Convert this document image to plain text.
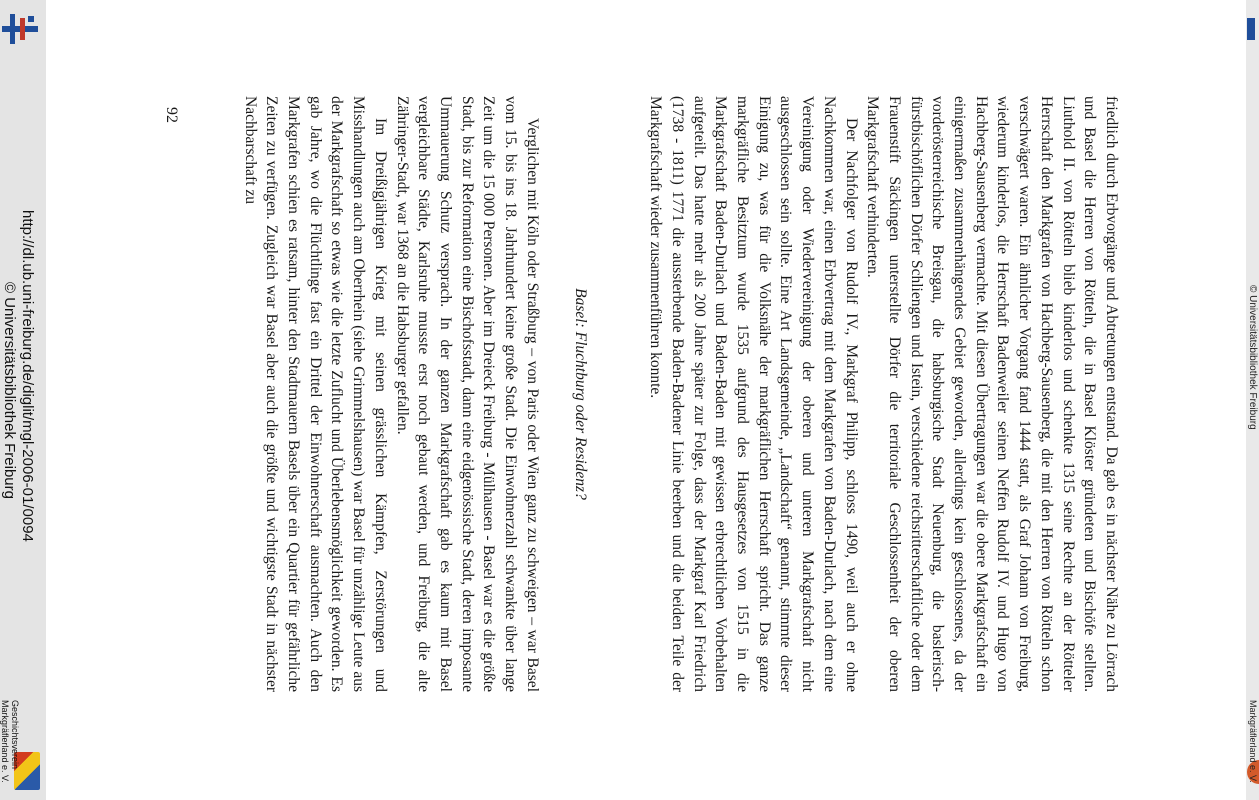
http://dl.ub.uni-freiburg.de/diglit/mgl-2006-01/0094
© Universitätsbibliothek Freiburg
Geschichtsverein
Markgräflerland e. V.
© Universitätsbibliothek Freiburg
Markgräflerland e. V.

friedlich durch Erbvorgänge und Abtretungen entstand. Da gab es in nächster Nähe zu Lörrach und Basel die Herren von Rötteln, die in Basel Klöster gründeten und Bischöfe stellten. Liuthold II. von Rötteln blieb kinderlos und schenkte 1315 seine Rechte an der Rötteler Herrschaft den Markgrafen von Hachberg-Sausenberg, die mit den Herren von Rötteln schon verschwägert waren. Ein ähnlicher Vorgang fand 1444 statt, als Graf Johann von Freiburg, wiederum kinderlos, die Herrschaft Badenweiler seinen Neffen Rudolf IV. und Hugo von Hachberg-Sausenberg vermachte. Mit diesen Übertragungen war die obere Markgrafschaft ein einigermaßen zusammenhängendes Gebiet geworden, allerdings kein geschlossenes, da der vorderösterreichische Breisgau, die habsburgische Stadt Neuenburg, die baslerisch-fürstbischöflichen Dörfer Schliengen und Istein, verschiedene reichsritterschaftliche oder dem Frauenstift Säckingen unterstellte Dörfer die territoriale Geschlossenheit der oberen Markgrafschaft verhinderten.

Der Nachfolger von Rudolf IV., Markgraf Philipp, schloss 1490, weil auch er ohne Nachkommen war, einen Erbvertrag mit dem Markgrafen von Baden-Durlach, nach dem eine Vereinigung oder Wiedervereinigung der oberen und unteren Markgrafschaft nicht ausgeschlossen sein sollte. Eine Art Landsgemeinde, „Landschaft“ genannt, stimmte dieser Einigung zu, was für die Volksnähe der markgräflichen Herrschaft spricht. Das ganze markgräfliche Besitztum wurde 1535 aufgrund des Hausgesetzes von 1515 in die Markgrafschaft Baden-Durlach und Baden-Baden mit gewissen erbrechtlichen Vorbehalten aufgeteilt. Das hatte mehr als 200 Jahre später zur Folge, dass der Markgraf Karl Friedrich (1738 - 1811) 1771 die aussterbende Baden-Badener Linie beerben und die beiden Teile der Markgrafschaft wieder zusammenführen konnte.

Basel: Fluchtburg oder Residenz?

Verglichen mit Köln oder Straßburg – von Paris oder Wien ganz zu schweigen – war Basel vom 15. bis ins 18. Jahrhundert keine große Stadt. Die Einwohnerzahl schwankte über lange Zeit um die 15 000 Personen. Aber im Dreieck Freiburg - Mülhausen - Basel war es die größte Stadt, bis zur Reformation eine Bischofsstadt, dann eine eidgenössische Stadt, deren imposante Ummauerung Schutz versprach. In der ganzen Markgrafschaft gab es kaum mit Basel vergleichbare Städte, Karlsruhe musste erst noch gebaut werden, und Freiburg, die alte Zähringer-Stadt, war 1368 an die Habsburger gefallen.

Im Dreißigjährigen Krieg mit seinen grässlichen Kämpfen, Zerstörungen und Misshandlungen auch am Oberrhein (siehe Grimmelshausen) war Basel für unzählige Leute aus der Markgrafschaft so etwas wie die letzte Zuflucht und Überlebensmöglichkeit geworden. Es gab Jahre, wo die Flüchtlinge fast ein Drittel der Einwohnerschaft ausmachten. Auch den Markgrafen schien es ratsam, hinter den Stadtmauern Basels über ein Quartier für gefährliche Zeiten zu verfügen. Zugleich war Basel aber auch die größte und wichtigste Stadt in nächster Nachbarschaft zu

92
